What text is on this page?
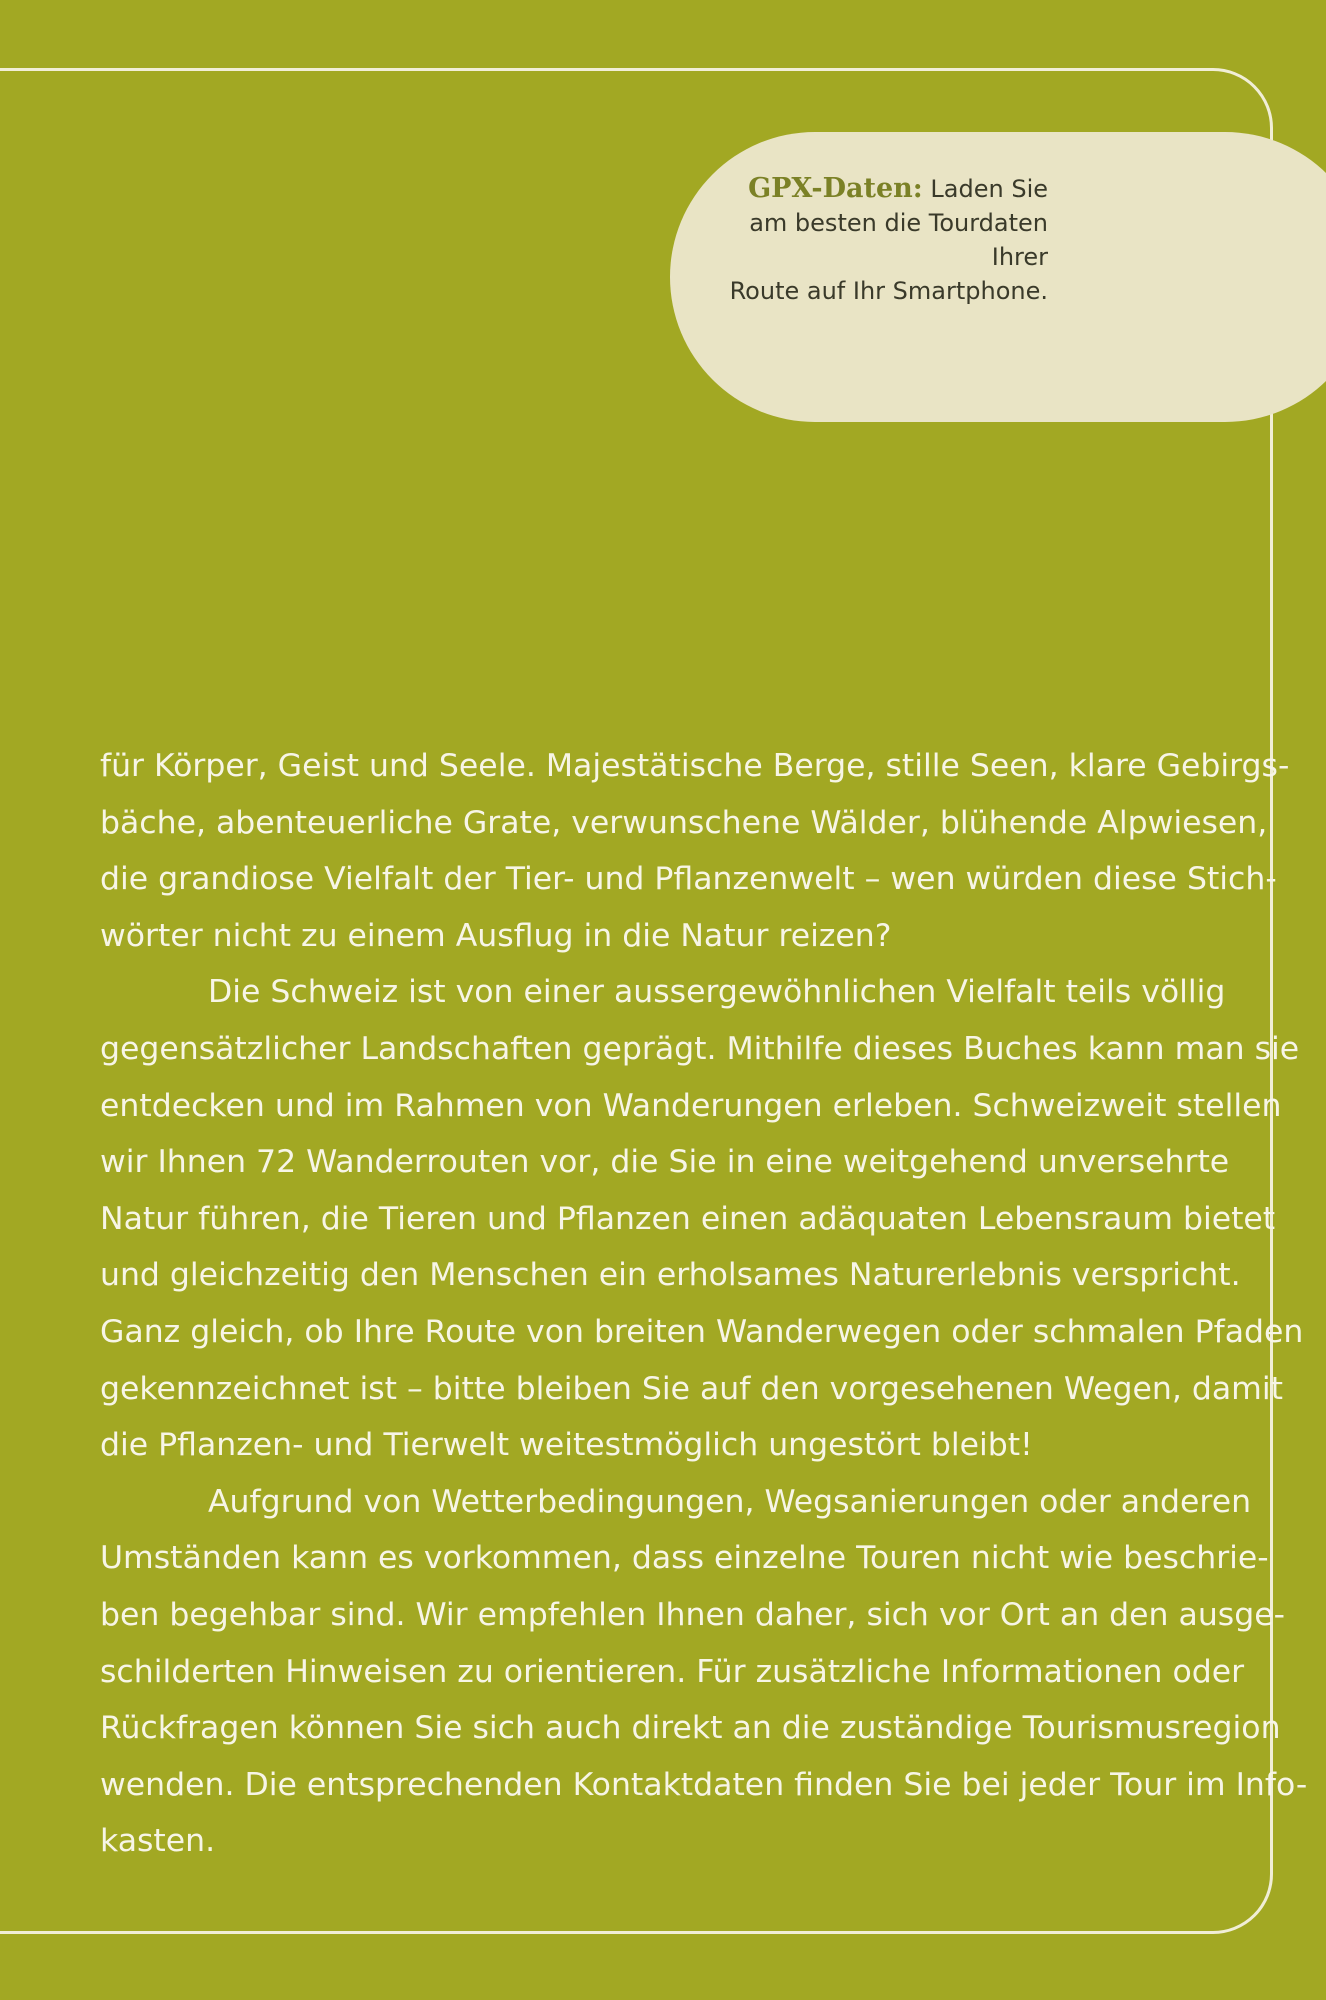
GPX-Daten: Laden Sie
am besten die Tourdaten Ihrer
Route auf Ihr Smartphone.
für Körper, Geist und Seele. Majestätische Berge, stille Seen, klare Gebirgs-
bäche, abenteuerliche Grate, verwunschene Wälder, blühende Alpwiesen,
die grandiose Vielfalt der Tier- und Pflanzenwelt – wen würden diese Stich-
wörter nicht zu einem Ausflug in die Natur reizen?
Die Schweiz ist von einer aussergewöhnlichen Vielfalt teils völlig
gegensätzlicher Landschaften geprägt. Mithilfe dieses Buches kann man sie
entdecken und im Rahmen von Wanderungen erleben. Schweizweit stellen
wir Ihnen 72 Wanderrouten vor, die Sie in eine weitgehend unversehrte
Natur führen, die Tieren und Pflanzen einen adäquaten Lebensraum bietet
und gleichzeitig den Menschen ein erholsames Naturerlebnis verspricht.
Ganz gleich, ob Ihre Route von breiten Wanderwegen oder schmalen Pfaden
gekennzeichnet ist – bitte bleiben Sie auf den vorgesehenen Wegen, damit
die Pflanzen- und Tierwelt weitestmöglich ungestört bleibt!
Aufgrund von Wetterbedingungen, Wegsanierungen oder anderen
Umständen kann es vorkommen, dass einzelne Touren nicht wie beschrie-
ben begehbar sind. Wir empfehlen Ihnen daher, sich vor Ort an den ausge-
schilderten Hinweisen zu orientieren. Für zusätzliche Informationen oder
Rückfragen können Sie sich auch direkt an die zuständige Tourismusregion
wenden. Die entsprechenden Kontaktdaten finden Sie bei jeder Tour im Info-
kasten.
